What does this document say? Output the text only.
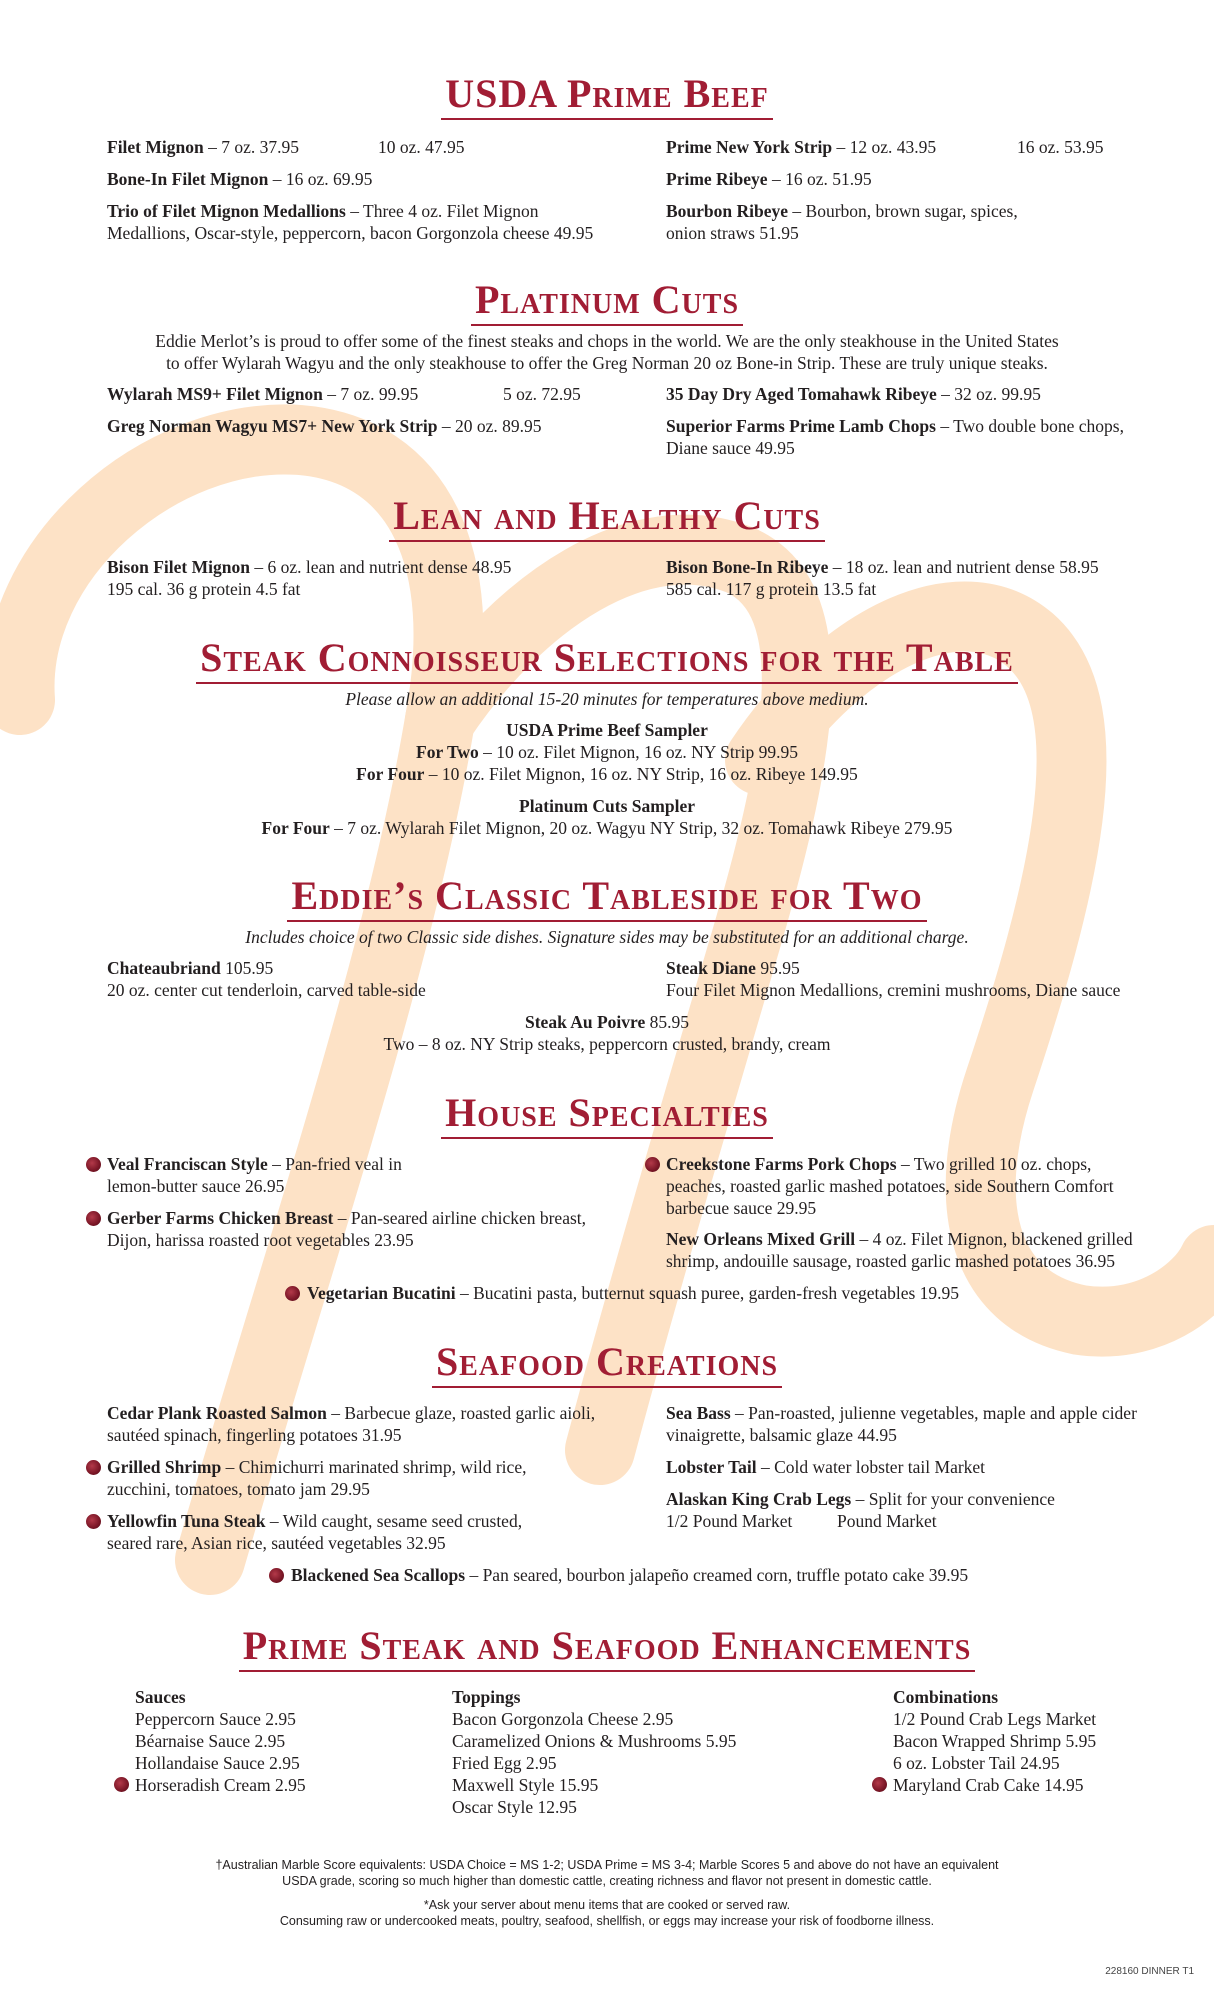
USDA Prime Beef
Filet Mignon – 7 oz. 37.95	10 oz. 47.95
Bone-In Filet Mignon – 16 oz. 69.95
Trio of Filet Mignon Medallions – Three 4 oz. Filet Mignon
Medallions, Oscar-style, peppercorn, bacon Gorgonzola cheese 49.95
Prime New York Strip – 12 oz. 43.95	16 oz. 53.95
Prime Ribeye – 16 oz. 51.95
Bourbon Ribeye – Bourbon, brown sugar, spices,
onion straws 51.95
Platinum Cuts
Eddie Merlot’s is proud to offer some of the finest steaks and chops in the world. We are the only steakhouse in the United States
to offer Wylarah Wagyu and the only steakhouse to offer the Greg Norman 20 oz Bone-in Strip. These are truly unique steaks.
Wylarah MS9+ Filet Mignon – 7 oz. 99.95	5 oz. 72.95
Greg Norman Wagyu MS7+ New York Strip – 20 oz. 89.95
35 Day Dry Aged Tomahawk Ribeye – 32 oz. 99.95
Superior Farms Prime Lamb Chops – Two double bone chops,
Diane sauce 49.95
Lean and Healthy Cuts
Bison Filet Mignon – 6 oz. lean and nutrient dense 48.95
195 cal. 36 g protein 4.5 fat
Bison Bone-In Ribeye – 18 oz. lean and nutrient dense 58.95
585 cal. 117 g protein 13.5 fat
Steak Connoisseur Selections for the Table
Please allow an additional 15-20 minutes for temperatures above medium.
USDA Prime Beef Sampler
For Two – 10 oz. Filet Mignon, 16 oz. NY Strip 99.95
For Four – 10 oz. Filet Mignon, 16 oz. NY Strip, 16 oz. Ribeye 149.95
Platinum Cuts Sampler
For Four – 7 oz. Wylarah Filet Mignon, 20 oz. Wagyu NY Strip, 32 oz. Tomahawk Ribeye 279.95
Eddie’s Classic Tableside for Two
Includes choice of two Classic side dishes. Signature sides may be substituted for an additional charge.
Chateaubriand 105.95
20 oz. center cut tenderloin, carved table-side
Steak Diane 95.95
Four Filet Mignon Medallions, cremini mushrooms, Diane sauce
Steak Au Poivre 85.95
Two – 8 oz. NY Strip steaks, peppercorn crusted, brandy, cream
House Specialties
Veal Franciscan Style – Pan-fried veal in
lemon-butter sauce 26.95
Gerber Farms Chicken Breast – Pan-seared airline chicken breast,
Dijon, harissa roasted root vegetables 23.95
Creekstone Farms Pork Chops – Two grilled 10 oz. chops,
peaches, roasted garlic mashed potatoes, side Southern Comfort
barbecue sauce 29.95
New Orleans Mixed Grill – 4 oz. Filet Mignon, blackened grilled
shrimp, andouille sausage, roasted garlic mashed potatoes 36.95
Vegetarian Bucatini – Bucatini pasta, butternut squash puree, garden-fresh vegetables 19.95
Seafood Creations
Cedar Plank Roasted Salmon – Barbecue glaze, roasted garlic aioli,
sautéed spinach, fingerling potatoes 31.95
Grilled Shrimp – Chimichurri marinated shrimp, wild rice,
zucchini, tomatoes, tomato jam 29.95
Yellowfin Tuna Steak – Wild caught, sesame seed crusted,
seared rare, Asian rice, sautéed vegetables 32.95
Sea Bass – Pan-roasted, julienne vegetables, maple and apple cider
vinaigrette, balsamic glaze 44.95
Lobster Tail – Cold water lobster tail Market
Alaskan King Crab Legs – Split for your convenience
1/2 Pound Market	Pound Market
Blackened Sea Scallops – Pan seared, bourbon jalapeño creamed corn, truffle potato cake 39.95
Prime Steak and Seafood Enhancements
Sauces
Peppercorn Sauce 2.95
Béarnaise Sauce 2.95
Hollandaise Sauce 2.95
Horseradish Cream 2.95
Toppings
Bacon Gorgonzola Cheese 2.95
Caramelized Onions & Mushrooms 5.95
Fried Egg 2.95
Maxwell Style 15.95
Oscar Style 12.95
Combinations
1/2 Pound Crab Legs Market
Bacon Wrapped Shrimp 5.95
6 oz. Lobster Tail 24.95
Maryland Crab Cake 14.95
†Australian Marble Score equivalents: USDA Choice = MS 1-2; USDA Prime = MS 3-4; Marble Scores 5 and above do not have an equivalent
USDA grade, scoring so much higher than domestic cattle, creating richness and flavor not present in domestic cattle.
*Ask your server about menu items that are cooked or served raw.
Consuming raw or undercooked meats, poultry, seafood, shellfish, or eggs may increase your risk of foodborne illness.
228160 DINNER T1
